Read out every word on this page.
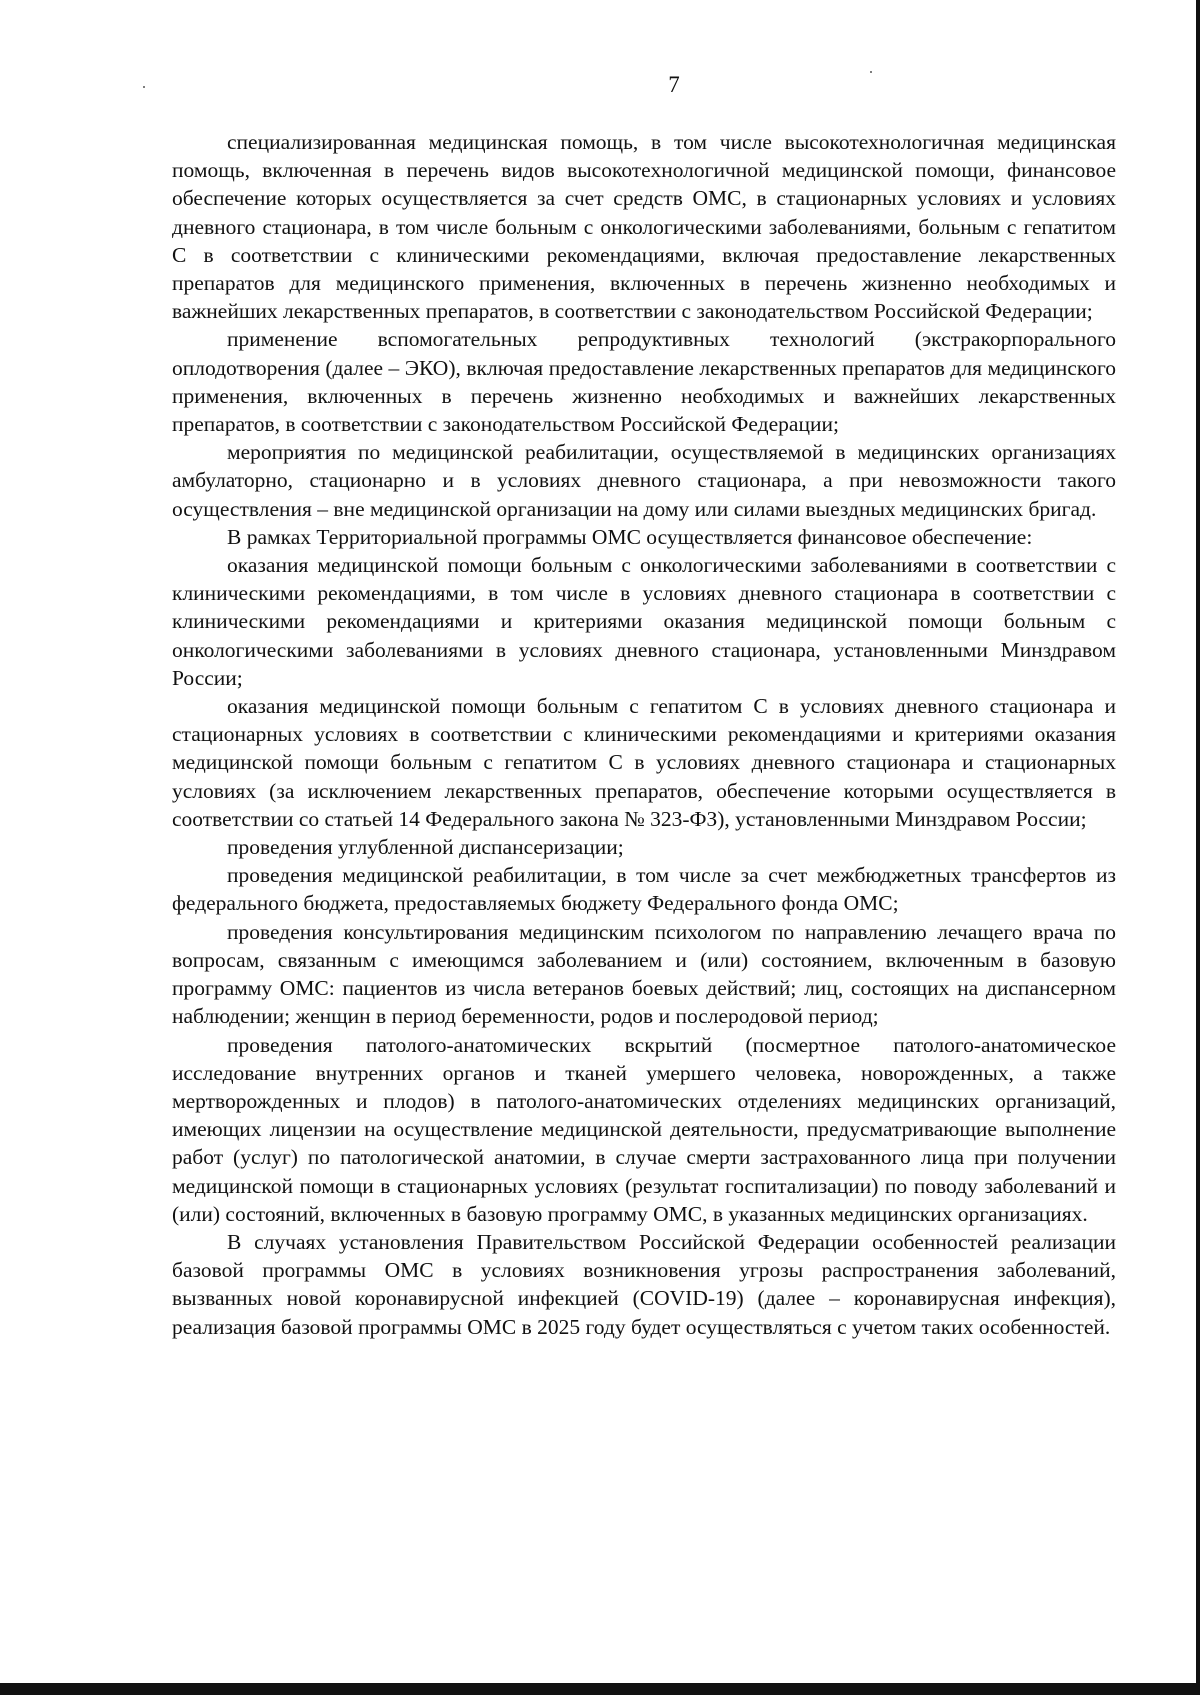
7

специализированная медицинская помощь, в том числе высокотехнологичная медицинская помощь, включенная в перечень видов высокотехнологичной медицинской помощи, финансовое обеспечение которых осуществляется за счет средств ОМС, в стационарных условиях и условиях дневного стационара, в том числе больным с онкологическими заболеваниями, больным с гепатитом С в соответствии с клиническими рекомендациями, включая предоставление лекарственных препаратов для медицинского применения, включенных в перечень жизненно необходимых и важнейших лекарственных препаратов, в соответствии с законодательством Российской Федерации;

применение вспомогательных репродуктивных технологий (экстракорпорального оплодотворения (далее – ЭКО), включая предоставление лекарственных препаратов для медицинского применения, включенных в перечень жизненно необходимых и важнейших лекарственных препаратов, в соответствии с законодательством Российской Федерации;

мероприятия по медицинской реабилитации, осуществляемой в медицинских организациях амбулаторно, стационарно и в условиях дневного стационара, а при невозможности такого осуществления – вне медицинской организации на дому или силами выездных медицинских бригад.

В рамках Территориальной программы ОМС осуществляется финансовое обеспечение:

оказания медицинской помощи больным с онкологическими заболеваниями в соответствии с клиническими рекомендациями, в том числе в условиях дневного стационара в соответствии с клиническими рекомендациями и критериями оказания медицинской помощи больным с онкологическими заболеваниями в условиях дневного стационара, установленными Минздравом России;

оказания медицинской помощи больным с гепатитом С в условиях дневного стационара и стационарных условиях в соответствии с клиническими рекомендациями и критериями оказания медицинской помощи больным с гепатитом С в условиях дневного стационара и стационарных условиях (за исключением лекарственных препаратов, обеспечение которыми осуществляется в соответствии со статьей 14 Федерального закона № 323-ФЗ), установленными Минздравом России;

проведения углубленной диспансеризации;

проведения медицинской реабилитации, в том числе за счет межбюджетных трансфертов из федерального бюджета, предоставляемых бюджету Федерального фонда ОМС;

проведения консультирования медицинским психологом по направлению лечащего врача по вопросам, связанным с имеющимся заболеванием и (или) состоянием, включенным в базовую программу ОМС: пациентов из числа ветеранов боевых действий; лиц, состоящих на диспансерном наблюдении; женщин в период беременности, родов и послеродовой период;

проведения патолого-анатомических вскрытий (посмертное патолого-анатомическое исследование внутренних органов и тканей умершего человека, новорожденных, а также мертворожденных и плодов) в патолого-анатомических отделениях медицинских организаций, имеющих лицензии на осуществление медицинской деятельности, предусматривающие выполнение работ (услуг) по патологической анатомии, в случае смерти застрахованного лица при получении медицинской помощи в стационарных условиях (результат госпитализации) по поводу заболеваний и (или) состояний, включенных в базовую программу ОМС, в указанных медицинских организациях.

В случаях установления Правительством Российской Федерации особенностей реализации базовой программы ОМС в условиях возникновения угрозы распространения заболеваний, вызванных новой коронавирусной инфекцией (COVID-19) (далее – коронавирусная инфекция), реализация базовой программы ОМС в 2025 году будет осуществляться с учетом таких особенностей.
